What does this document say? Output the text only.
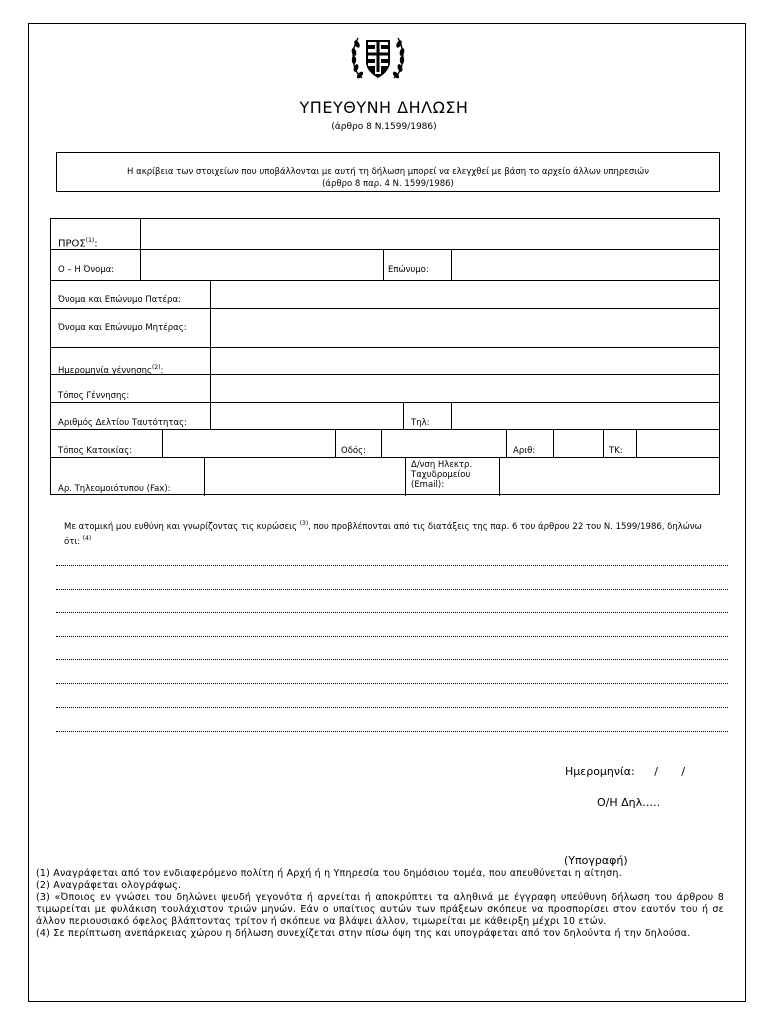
ΥΠΕΥΘΥΝΗ ΔΗΛΩΣΗ
(άρθρο 8 Ν.1599/1986)
Η ακρίβεια των στοιχείων που υποβάλλονται με αυτή τη δήλωση μπορεί να ελεγχθεί με βάση το αρχείο άλλων υπηρεσιών
(άρθρο 8 παρ. 4 Ν. 1599/1986)
ΠΡΟΣ$^{(1)}$:
Ο – Η Όνομα:	Επώνυμο:
Όνομα και Επώνυμο Πατέρα:
Όνομα και Επώνυμο Μητέρας:
Ημερομηνία γέννησης$^{(2)}$:
Τόπος Γέννησης:
Αριθμός Δελτίου Ταυτότητας:	Τηλ:
Τόπος Κατοικίας:	Οδός:	Αριθ:	ΤΚ:
Αρ. Τηλεομοιότυπου (Fax):
Δ/νση Ηλεκτρ. Ταχυδρομείου (Εmail):
Με ατομική μου ευθύνη και γνωρίζοντας τις κυρώσεις $^{(3)}$, που προβλέπονται από τις διατάξεις της παρ. 6 του άρθρου 22 του Ν. 1599/1986, δηλώνω ότι: $^{(4)}$
Ημερομηνία: / /
Ο/Η Δηλ…..
(Υπογραφή)

(1) Αναγράφεται από τον ενδιαφερόμενο πολίτη ή Αρχή ή η Υπηρεσία του δημόσιου τομέα, που απευθύνεται η αίτηση.

(2) Αναγράφεται ολογράφως.

(3) «Όποιος εν γνώσει του δηλώνει ψευδή γεγονότα ή αρνείται ή αποκρύπτει τα αληθινά με έγγραφη υπεύθυνη δήλωση του άρθρου 8 τιμωρείται με φυλάκιση τουλάχιστον τριών μηνών. Εάν ο υπαίτιος αυτών των πράξεων σκόπευε να προσπορίσει στον εαυτόν του ή σε άλλον περιουσιακό όφελος βλάπτοντας τρίτον ή σκόπευε να βλάψει άλλον, τιμωρείται με κάθειρξη μέχρι 10 ετών.

(4) Σε περίπτωση ανεπάρκειας χώρου η δήλωση συνεχίζεται στην πίσω όψη της και υπογράφεται από τον δηλούντα ή την δηλούσα.
